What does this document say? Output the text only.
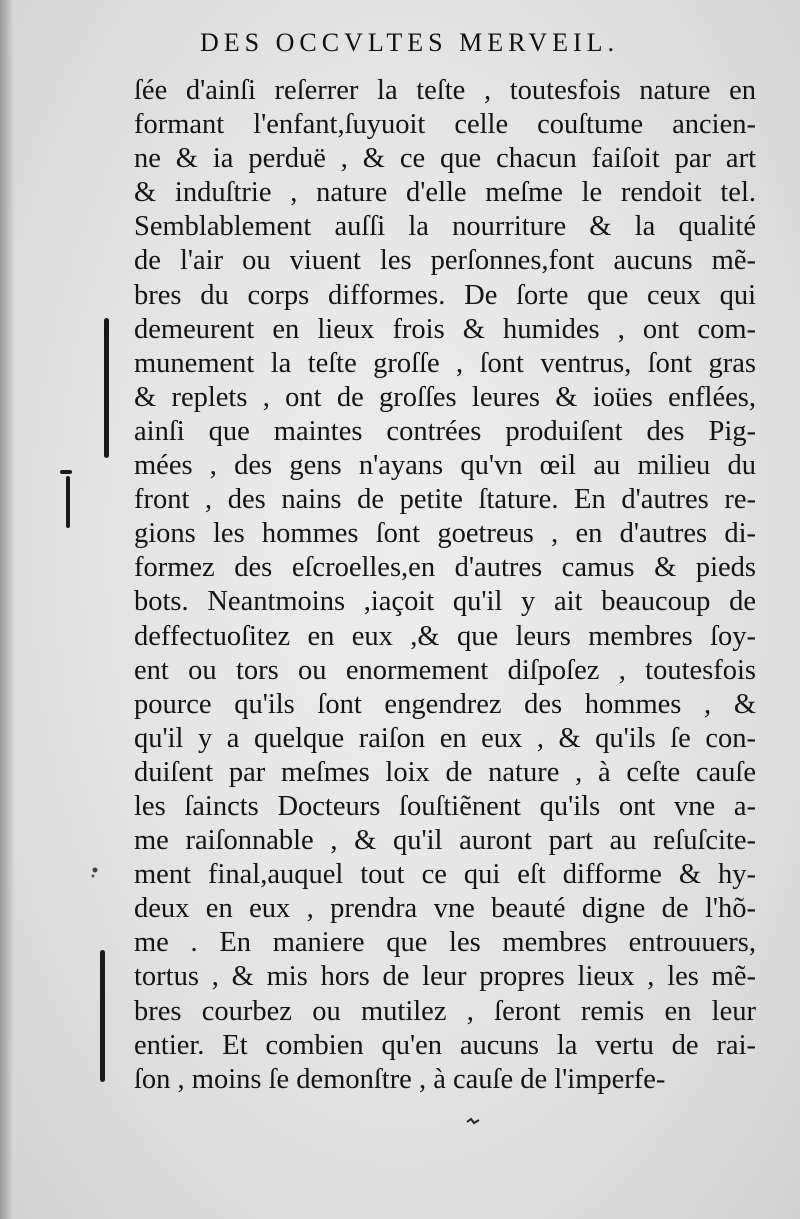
DES OCCVLTES MERVEIL.
ſée d'ainſi reſerrer la teſte , toutesfois nature en
formant l'enfant,ſuyuoit celle couſtume ancien-
ne & ia perduë , & ce que chacun faiſoit par art
& induſtrie , nature d'elle meſme le rendoit tel.
Semblablement auſſi la nourriture & la qualité
de l'air ou viuent les perſonnes,font aucuns mẽ-
bres du corps difformes. De ſorte que ceux qui
demeurent en lieux frois & humides , ont com-
munement la teſte groſſe , ſont ventrus, ſont gras
& replets , ont de groſſes leures & ioües enflées,
ainſi que maintes contrées produiſent des Pig-
mées , des gens n'ayans qu'vn œil au milieu du
front , des nains de petite ſtature. En d'autres re-
gions les hommes ſont goetreus , en d'autres di-
formez des eſcroelles,en d'autres camus & pieds
bots. Neantmoins ,iaçoit qu'il y ait beaucoup de
deffectuoſitez en eux ,& que leurs membres ſoy-
ent ou tors ou enormement diſpoſez , toutesfois
pource qu'ils ſont engendrez des hommes , &
qu'il y a quelque raiſon en eux , & qu'ils ſe con-
duiſent par meſmes loix de nature , à ceſte cauſe
les ſaincts Docteurs ſouſtiẽnent qu'ils ont vne a-
me raiſonnable , & qu'il auront part au reſuſcite-
ment final,auquel tout ce qui eſt difforme & hy-
deux en eux , prendra vne beauté digne de l'hõ-
me . En maniere que les membres entrouuers,
tortus , & mis hors de leur propres lieux , les mẽ-
bres courbez ou mutilez , ſeront remis en leur
entier. Et combien qu'en aucuns la vertu de rai-
ſon , moins ſe demonſtre , à cauſe de l'imperfe-
